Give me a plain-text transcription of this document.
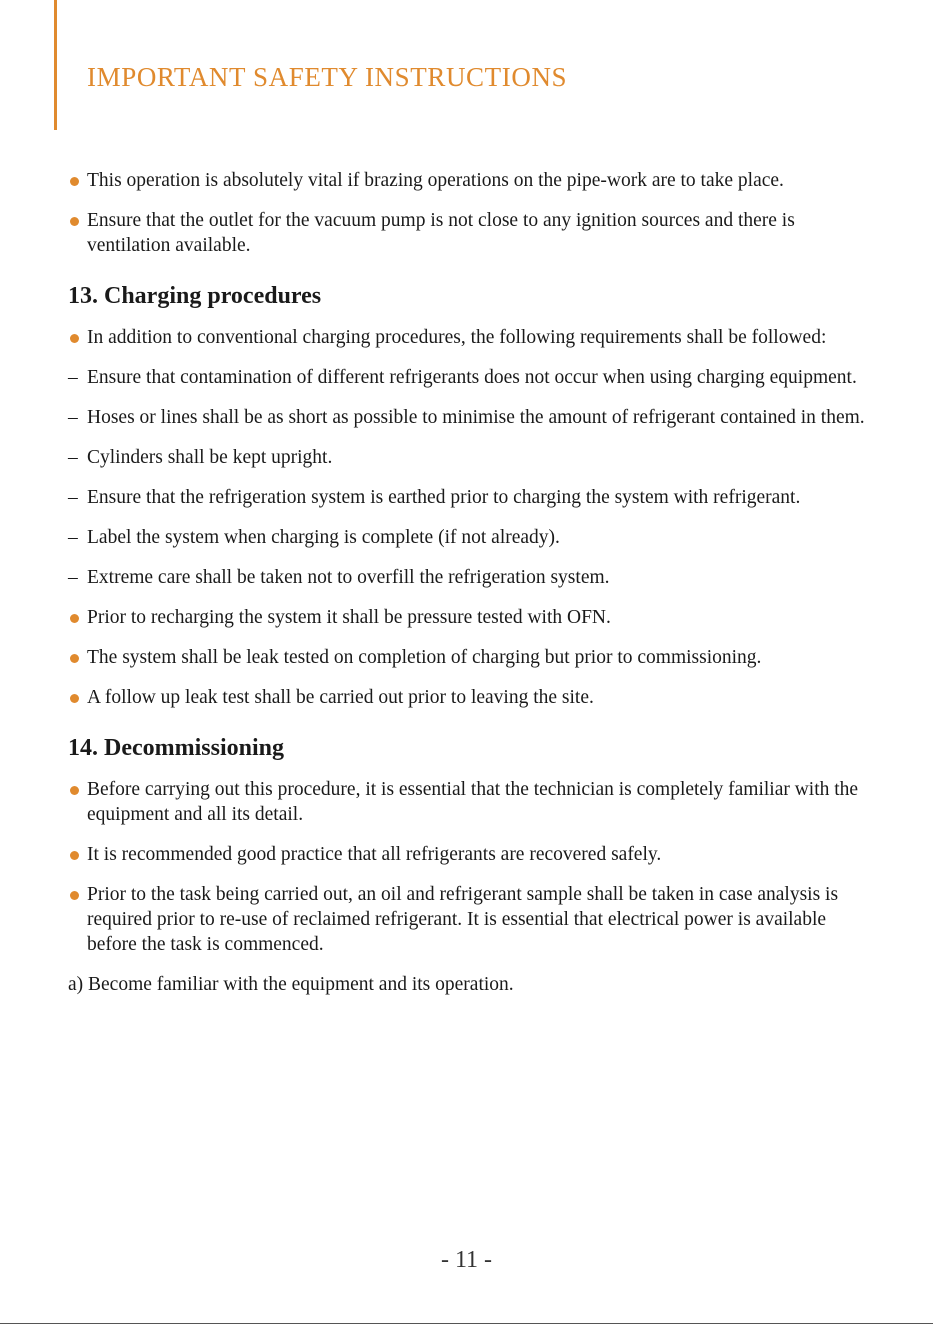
IMPORTANT SAFETY INSTRUCTIONS
This operation is absolutely vital if brazing operations on the pipe-work are to take place.
Ensure that the outlet for the vacuum pump is not close to any ignition sources and there is ventilation available.
13. Charging procedures
In addition to conventional charging procedures, the following requirements shall be followed:
– Ensure that contamination of different refrigerants does not occur when using charging equipment.
– Hoses or lines shall be as short as possible to minimise the amount of refrigerant contained in them.
– Cylinders shall be kept upright.
– Ensure that the refrigeration system is earthed prior to charging the system with refrigerant.
– Label the system when charging is complete (if not already).
– Extreme care shall be taken not to overfill the refrigeration system.
Prior to recharging the system it shall be pressure tested with OFN.
The system shall be leak tested on completion of charging but prior to commissioning.
A follow up leak test shall be carried out prior to leaving the site.
14. Decommissioning
Before carrying out this procedure, it is essential that the technician is completely familiar with the equipment and all its detail.
It is recommended good practice that all refrigerants are recovered safely.
Prior to the task being carried out, an oil and refrigerant sample shall be taken in case analysis is required prior to re-use of reclaimed refrigerant. It is essential that electrical power is available before the task is commenced.
a) Become familiar with the equipment and its operation.
- 11 -
